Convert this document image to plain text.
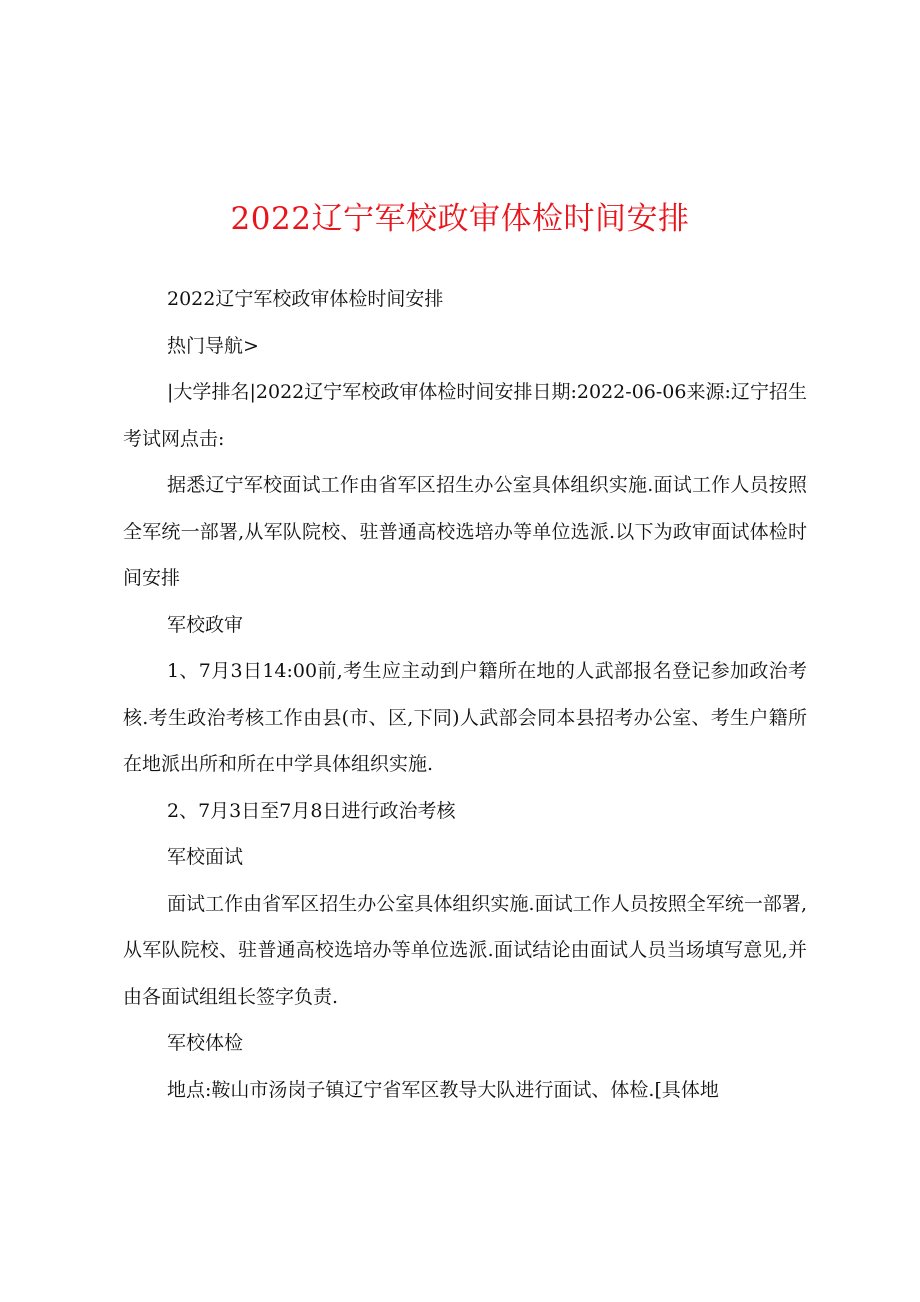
2022辽宁军校政审体检时间安排

2022辽宁军校政审体检时间安排

热门导航>

|大学排名|2022辽宁军校政审体检时间安排日期:2022-06-06来源:辽宁招生考试网点击:

据悉辽宁军校面试工作由省军区招生办公室具体组织实施.面试工作人员按照全军统一部署,从军队院校、驻普通高校选培办等单位选派.以下为政审面试体检时间安排

军校政审

1、7月3日14:00前,考生应主动到户籍所在地的人武部报名登记参加政治考核.考生政治考核工作由县(市、区,下同)人武部会同本县招考办公室、考生户籍所在地派出所和所在中学具体组织实施.

2、7月3日至7月8日进行政治考核

军校面试

面试工作由省军区招生办公室具体组织实施.面试工作人员按照全军统一部署,从军队院校、驻普通高校选培办等单位选派.面试结论由面试人员当场填写意见,并由各面试组组长签字负责.

军校体检

地点:鞍山市汤岗子镇辽宁省军区教导大队进行面试、体检.[具体地
